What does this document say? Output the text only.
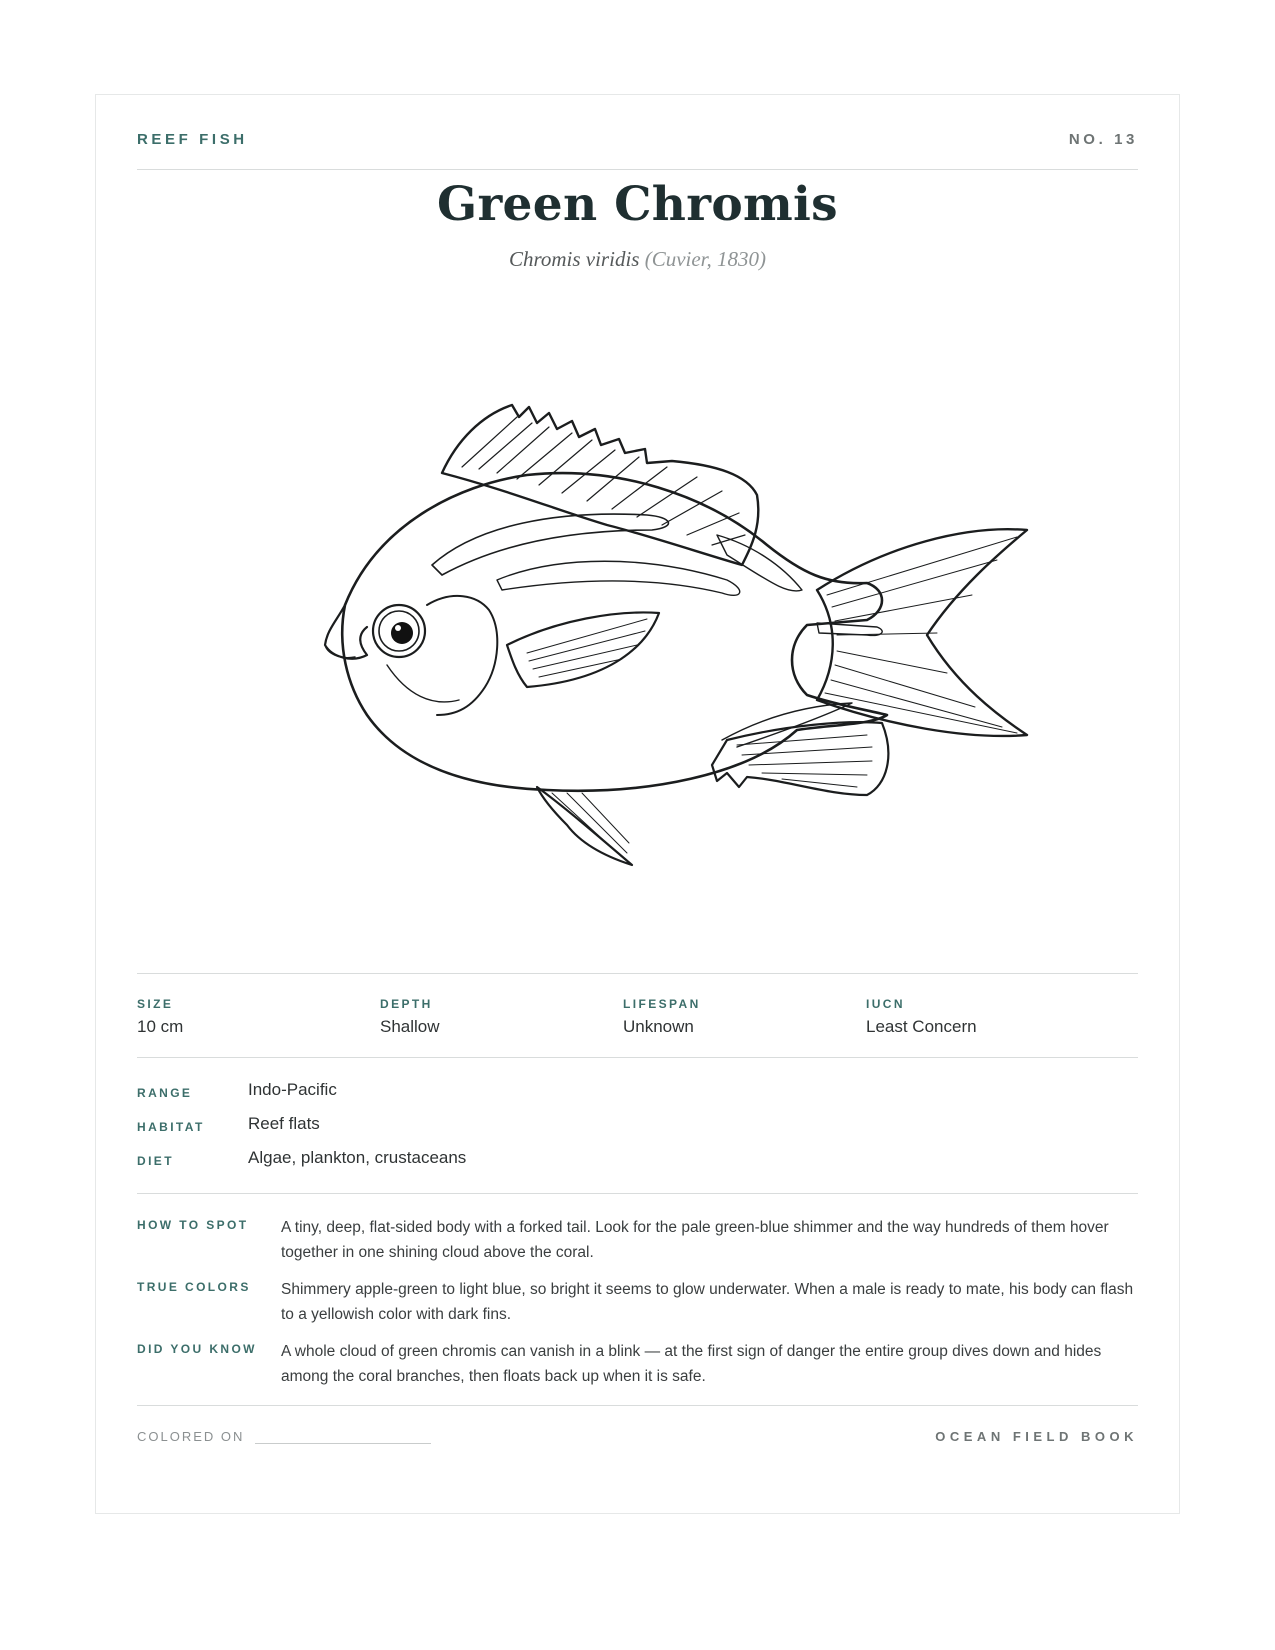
REEF FISH	NO. 13
Green Chromis
Chromis viridis (Cuvier, 1830)
SIZE
10 cm
DEPTH
Shallow
LIFESPAN
Unknown
IUCN
Least Concern
RANGE	Indo-Pacific
HABITAT	Reef flats
DIET	Algae, plankton, crustaceans
HOW TO SPOT A tiny, deep, flat-sided body with a forked tail. Look for the pale green-blue shimmer and the way hundreds of them hover together in one shining cloud above the coral.
TRUE COLORS Shimmery apple-green to light blue, so bright it seems to glow underwater. When a male is ready to mate, his body can flash to a yellowish color with dark fins.
DID YOU KNOW A whole cloud of green chromis can vanish in a blink — at the first sign of danger the entire group dives down and hides among the coral branches, then floats back up when it is safe.
COLORED ON	OCEAN FIELD BOOK
